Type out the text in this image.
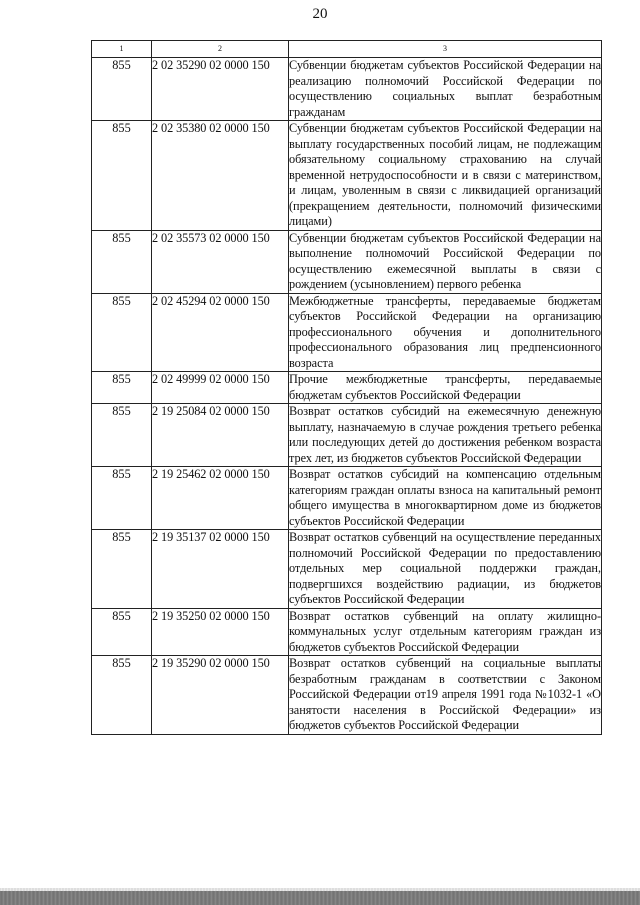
20
1	2	3
855	2 02 35290 02 0000 150	Субвенции бюджетам субъектов Российской Федерации на реализацию полномочий Российской Федерации по осуществлению социальных выплат безработным гражданам
855	2 02 35380 02 0000 150	Субвенции бюджетам субъектов Российской Федерации на выплату государственных пособий лицам, не подлежащим обязательному социальному страхованию на случай временной нетрудоспособности и в связи с материнством, и лицам, уволенным в связи с ликвидацией организаций (прекращением деятельности, полномочий физическими лицами)
855	2 02 35573 02 0000 150	Субвенции бюджетам субъектов Российской Федерации на выполнение полномочий Российской Федерации по осуществлению ежемесячной выплаты в связи с рождением (усыновлением) первого ребенка
855	2 02 45294 02 0000 150	Межбюджетные трансферты, передаваемые бюджетам субъектов Российской Федерации на организацию профессионального обучения и дополнительного профессионального образования лиц предпенсионного возраста
855	2 02 49999 02 0000 150	Прочие межбюджетные трансферты, передаваемые бюджетам субъектов Российской Федерации
855	2 19 25084 02 0000 150	Возврат остатков субсидий на ежемесячную денежную выплату, назначаемую в случае рождения третьего ребенка или последующих детей до достижения ребенком возраста трех лет, из бюджетов субъектов Российской Федерации
855	2 19 25462 02 0000 150	Возврат остатков субсидий на компенсацию отдельным категориям граждан оплаты взноса на капитальный ремонт общего имущества в многоквартирном доме из бюджетов субъектов Российской Федерации
855	2 19 35137 02 0000 150	Возврат остатков субвенций на осуществление переданных полномочий Российской Федерации по предоставлению отдельных мер социальной поддержки граждан, подвергшихся воздействию радиации, из бюджетов субъектов Российской Федерации
855	2 19 35250 02 0000 150	Возврат остатков субвенций на оплату жилищно-коммунальных услуг отдельным категориям граждан из бюджетов субъектов Российской Федерации
855	2 19 35290 02 0000 150	Возврат остатков субвенций на социальные выплаты безработным гражданам в соответствии с Законом Российской Федерации от19 апреля 1991 года №1032-1 «О занятости населения в Российской Федерации» из бюджетов субъектов Российской Федерации
